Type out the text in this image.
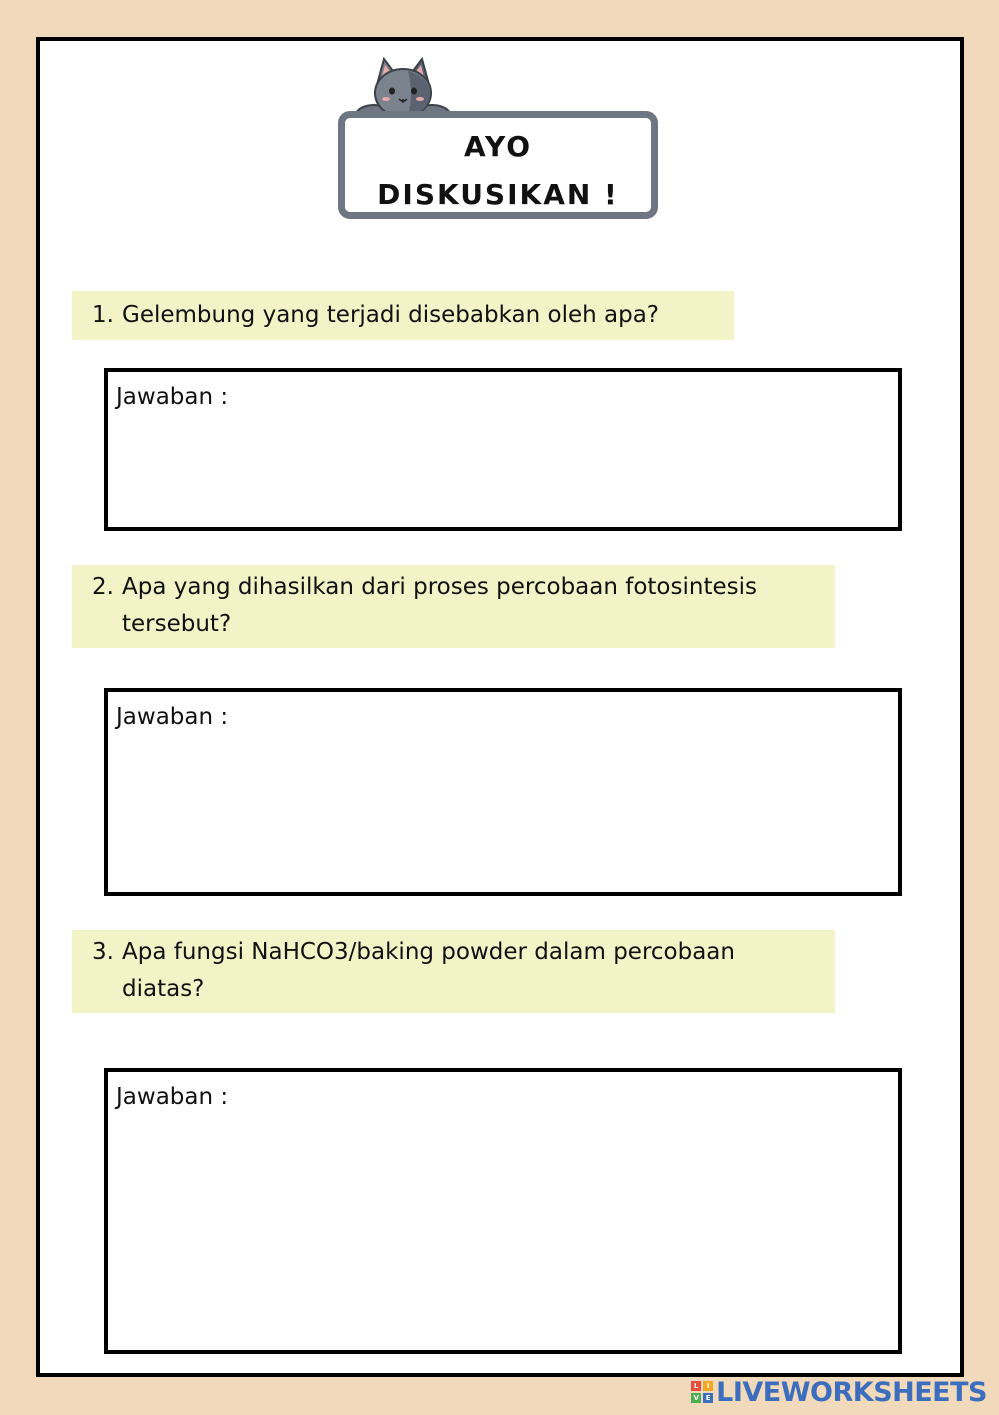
AYO
DISKUSIKAN !
1. Gelembung yang terjadi disebabkan oleh apa?
Jawaban :
2. Apa yang dihasilkan dari proses percobaan fotosintesis
tersebut?
Jawaban :
3. Apa fungsi NaHCO3/baking powder dalam percobaan
diatas?
Jawaban :
L	I
V E LIVEWORKSHEETS
